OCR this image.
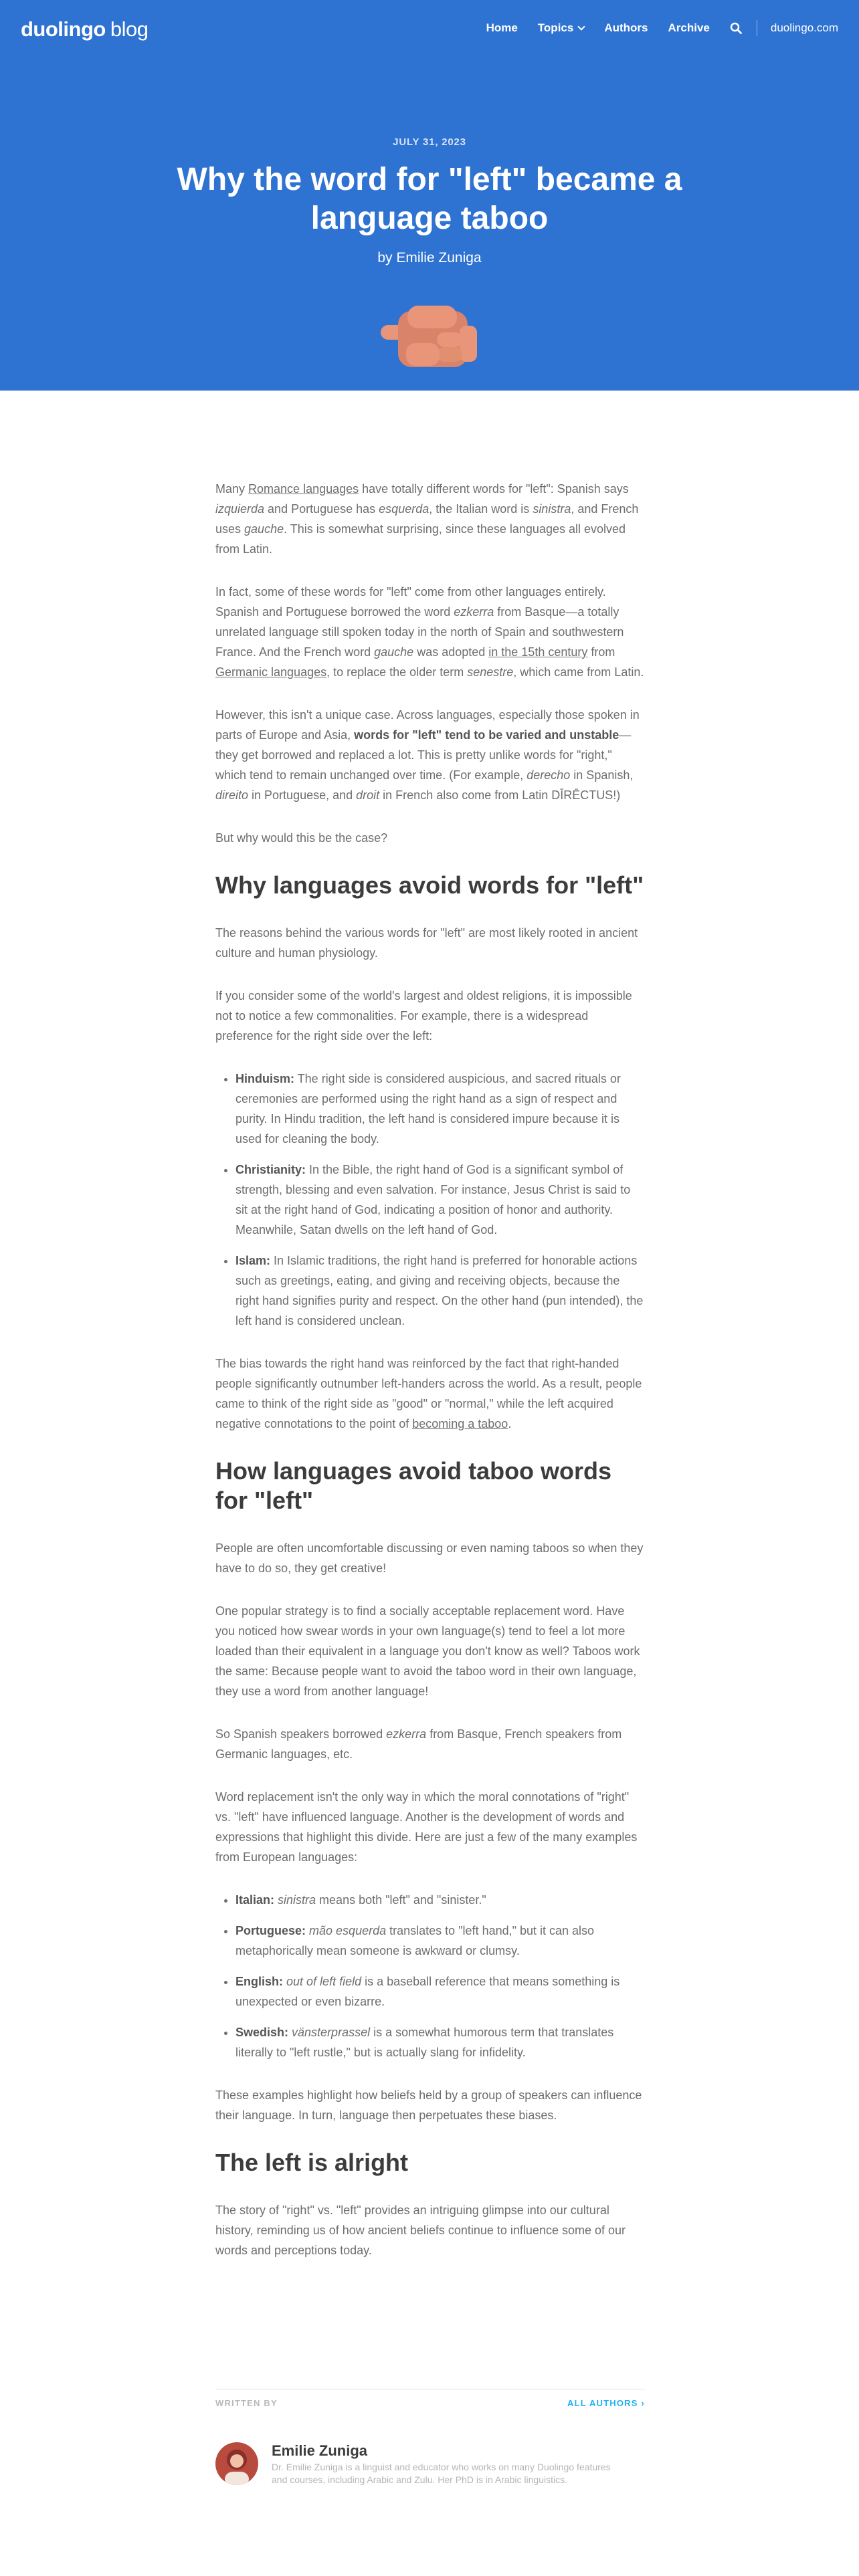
duolingo blog	Home Topics	Authors Archive	duolingo.com
JULY 31, 2023
Why the word for "left" became a language taboo
by Emilie Zuniga

Many Romance languages have totally different words for "left": Spanish says izquierda and Portuguese has esquerda, the Italian word is sinistra, and French uses gauche. This is somewhat surprising, since these languages all evolved from Latin.

In fact, some of these words for "left" come from other languages entirely. Spanish and Portuguese borrowed the word ezkerra from Basque—a totally unrelated language still spoken today in the north of Spain and southwestern France. And the French word gauche was adopted in the 15th century from Germanic languages, to replace the older term senestre, which came from Latin.

However, this isn't a unique case. Across languages, especially those spoken in parts of Europe and Asia, words for "left" tend to be varied and unstable—they get borrowed and replaced a lot. This is pretty unlike words for "right," which tend to remain unchanged over time. (For example, derecho in Spanish, direito in Portuguese, and droit in French also come from Latin DĪRĒCTUS!)

But why would this be the case?

Why languages avoid words for "left"

The reasons behind the various words for "left" are most likely rooted in ancient culture and human physiology.

If you consider some of the world's largest and oldest religions, it is impossible not to notice a few commonalities. For example, there is a widespread preference for the right side over the left:

• Hinduism: The right side is considered auspicious, and sacred rituals or ceremonies are performed using the right hand as a sign of respect and purity. In Hindu tradition, the left hand is considered impure because it is used for cleaning the body.
• Christianity: In the Bible, the right hand of God is a significant symbol of strength, blessing and even salvation. For instance, Jesus Christ is said to sit at the right hand of God, indicating a position of honor and authority. Meanwhile, Satan dwells on the left hand of God.
• Islam: In Islamic traditions, the right hand is preferred for honorable actions such as greetings, eating, and giving and receiving objects, because the right hand signifies purity and respect. On the other hand (pun intended), the left hand is considered unclean.

The bias towards the right hand was reinforced by the fact that right-handed people significantly outnumber left-handers across the world. As a result, people came to think of the right side as "good" or "normal," while the left acquired negative connotations to the point of becoming a taboo.

How languages avoid taboo words for "left"

People are often uncomfortable discussing or even naming taboos so when they have to do so, they get creative!

One popular strategy is to find a socially acceptable replacement word. Have you noticed how swear words in your own language(s) tend to feel a lot more loaded than their equivalent in a language you don't know as well? Taboos work the same: Because people want to avoid the taboo word in their own language, they use a word from another language!

So Spanish speakers borrowed ezkerra from Basque, French speakers from Germanic languages, etc.

Word replacement isn't the only way in which the moral connotations of "right" vs. "left" have influenced language. Another is the development of words and expressions that highlight this divide. Here are just a few of the many examples from European languages:

• Italian: sinistra means both "left" and "sinister."
• Portuguese: mão esquerda translates to "left hand," but it can also metaphorically mean someone is awkward or clumsy.
• English: out of left field is a baseball reference that means something is unexpected or even bizarre.
• Swedish: vänsterprassel is a somewhat humorous term that translates literally to "left rustle," but is actually slang for infidelity.

These examples highlight how beliefs held by a group of speakers can influence their language. In turn, language then perpetuates these biases.

The left is alright

The story of "right" vs. "left" provides an intriguing glimpse into our cultural history, reminding us of how ancient beliefs continue to influence some of our words and perceptions today.

WRITTEN BY	ALL AUTHORS ›
Emilie Zuniga
Dr. Emilie Zuniga is a linguist and educator who works on many Duolingo features and courses, including Arabic and Zulu. Her PhD is in Arabic linguistics.
